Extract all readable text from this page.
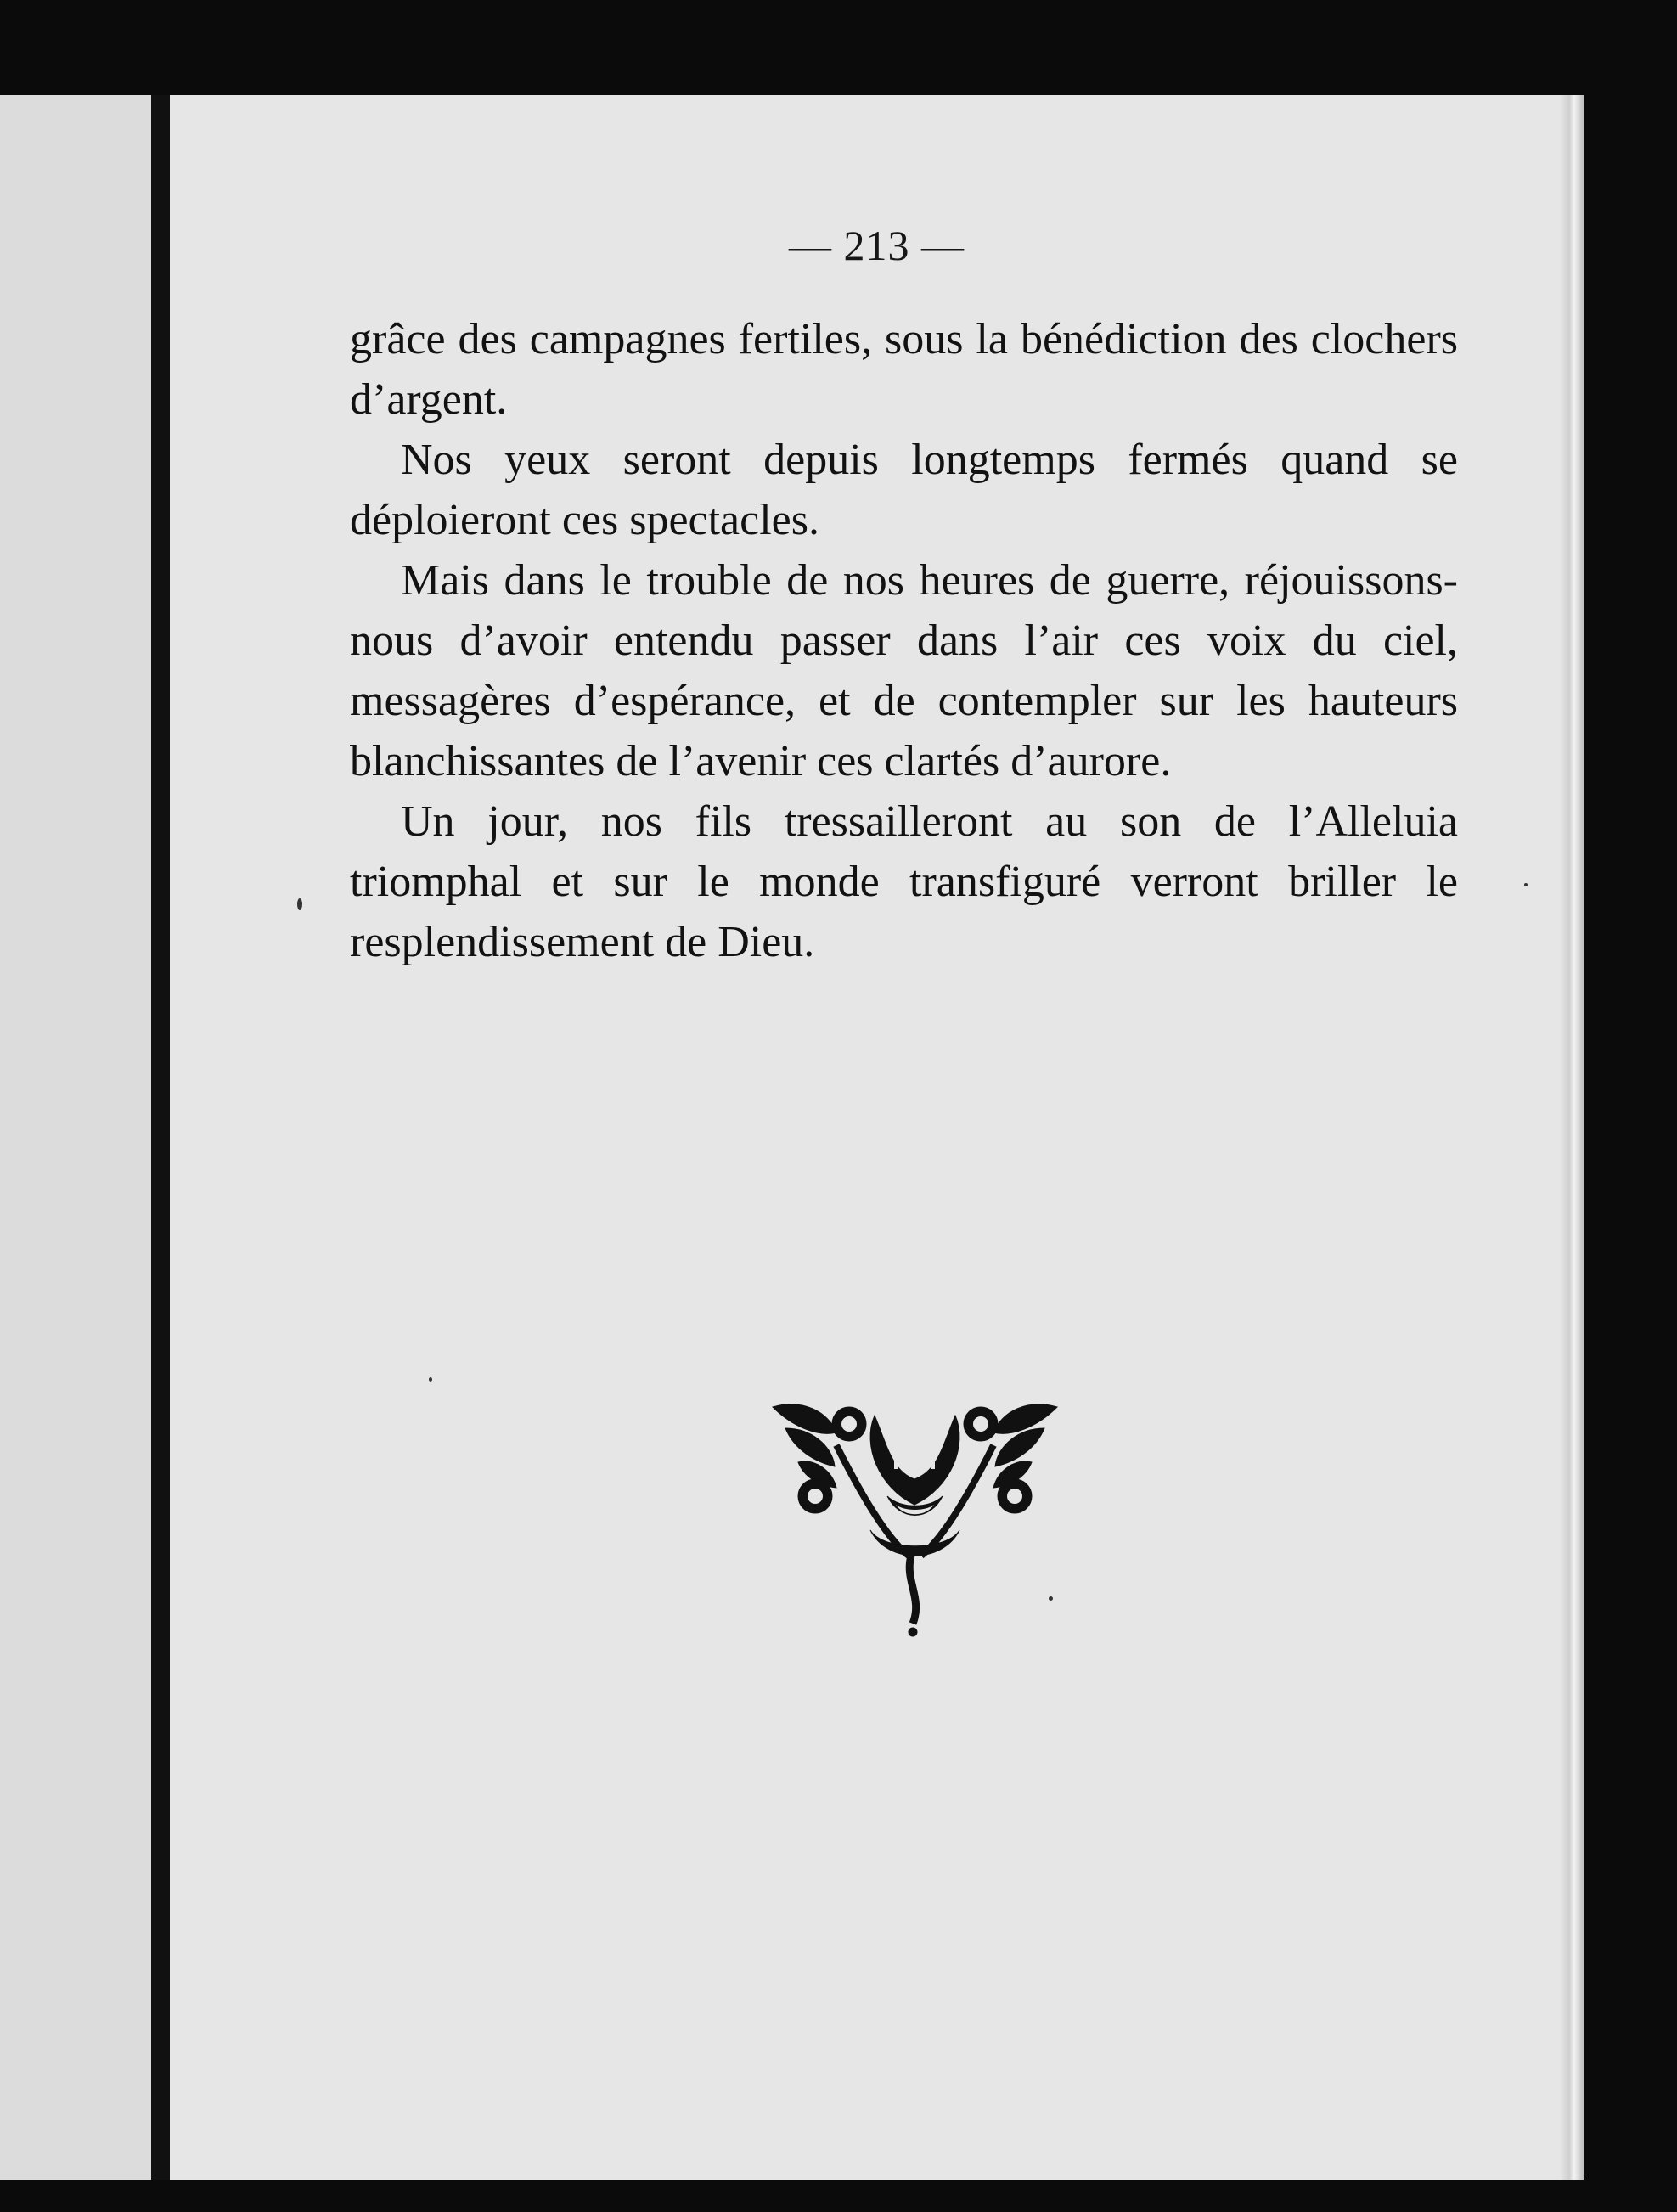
— 213 —

grâce des campagnes fertiles, sous la bénédiction des clochers d’argent.

Nos yeux seront depuis longtemps fermés quand se déploieront ces spectacles.

Mais dans le trouble de nos heures de guerre, réjouissons-nous d’avoir entendu passer dans l’air ces voix du ciel, messagères d’espérance, et de contempler sur les hauteurs blanchissantes de l’avenir ces clartés d’aurore.

Un jour, nos fils tressailleront au son de l’Alleluia triomphal et sur le monde transfiguré verront briller le resplendissement de Dieu.
